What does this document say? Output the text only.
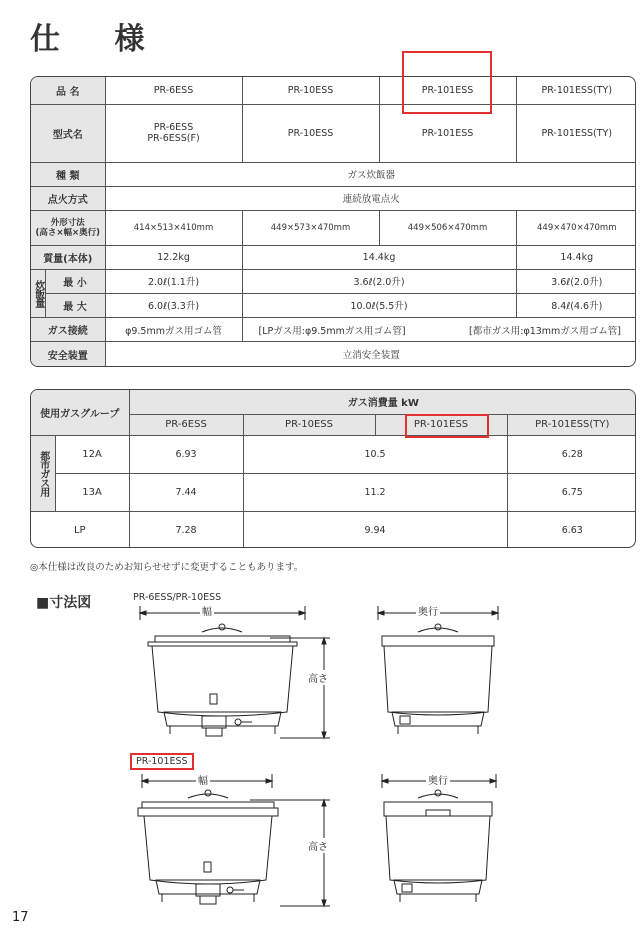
仕 様
品 名		PR-6ESS	PR-10ESS	PR-101ESS	PR-101ESS(TY)
型式名		PR-6ESS
PR-6ESS(F)	PR-10ESS	PR-101ESS	PR-101ESS(TY)
種 類		ガス炊飯器			
点火方式		連続放電点火			
外形寸法
(高さ×幅×奥行)		414×513×410mm	449×573×470mm	449×506×470mm	449×470×470mm
質量(本体)		12.2kg	14.4kg		14.4kg
炊飯量	最 小	2.0ℓ(1.1升)	3.6ℓ(2.0升)		3.6ℓ(2.0升)
	最 大	6.0ℓ(3.3升)	10.0ℓ(5.5升)		8.4ℓ(4.6升)
ガス接続		φ9.5mmガス用ゴム管	[LPガス用:φ9.5mmガス用ゴム管] [都市ガス用:φ13mmガス用ゴム管]		

安全装置		立消安全装置			
使用ガスグループ		ガス消費量 kW			
		PR-6ESS	PR-10ESS	PR-101ESS	PR-101ESS(TY)
都市ガス用	12A	6.93	10.5		6.28
	13A	7.44	11.2		6.75
LP		7.28	9.94		6.63
◎本仕様は改良のためお知らせせずに変更することもあります。
■寸法図	PR-6ESS/PR-10ESS
PR-101ESS
幅
高さ
奥行
幅
高さ
奥行
17
